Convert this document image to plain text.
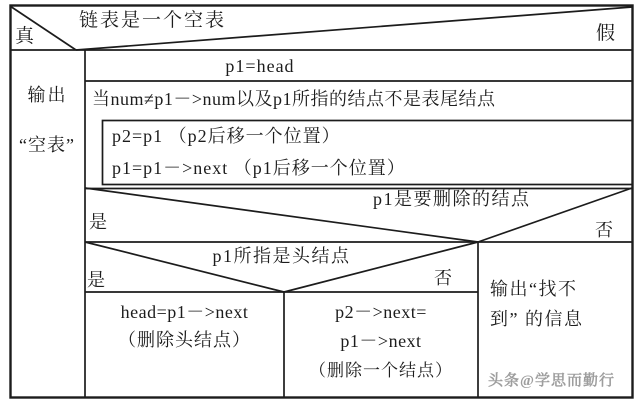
真
链表是一个空表
假
输出
“空表”
p1=head
当num≠p1－>num以及p1所指的结点不是表尾结点
p2=p1 （p2后移一个位置）
p1=p1－>next （p1后移一个位置）
p1是要删除的结点
是	否
p1所指是头结点
是	否
head=p1－>next
（删除头结点）
p2－>next=
p1－>next
（删除一个结点）
输出“找不
到” 的信息
头条@学思而勤行
